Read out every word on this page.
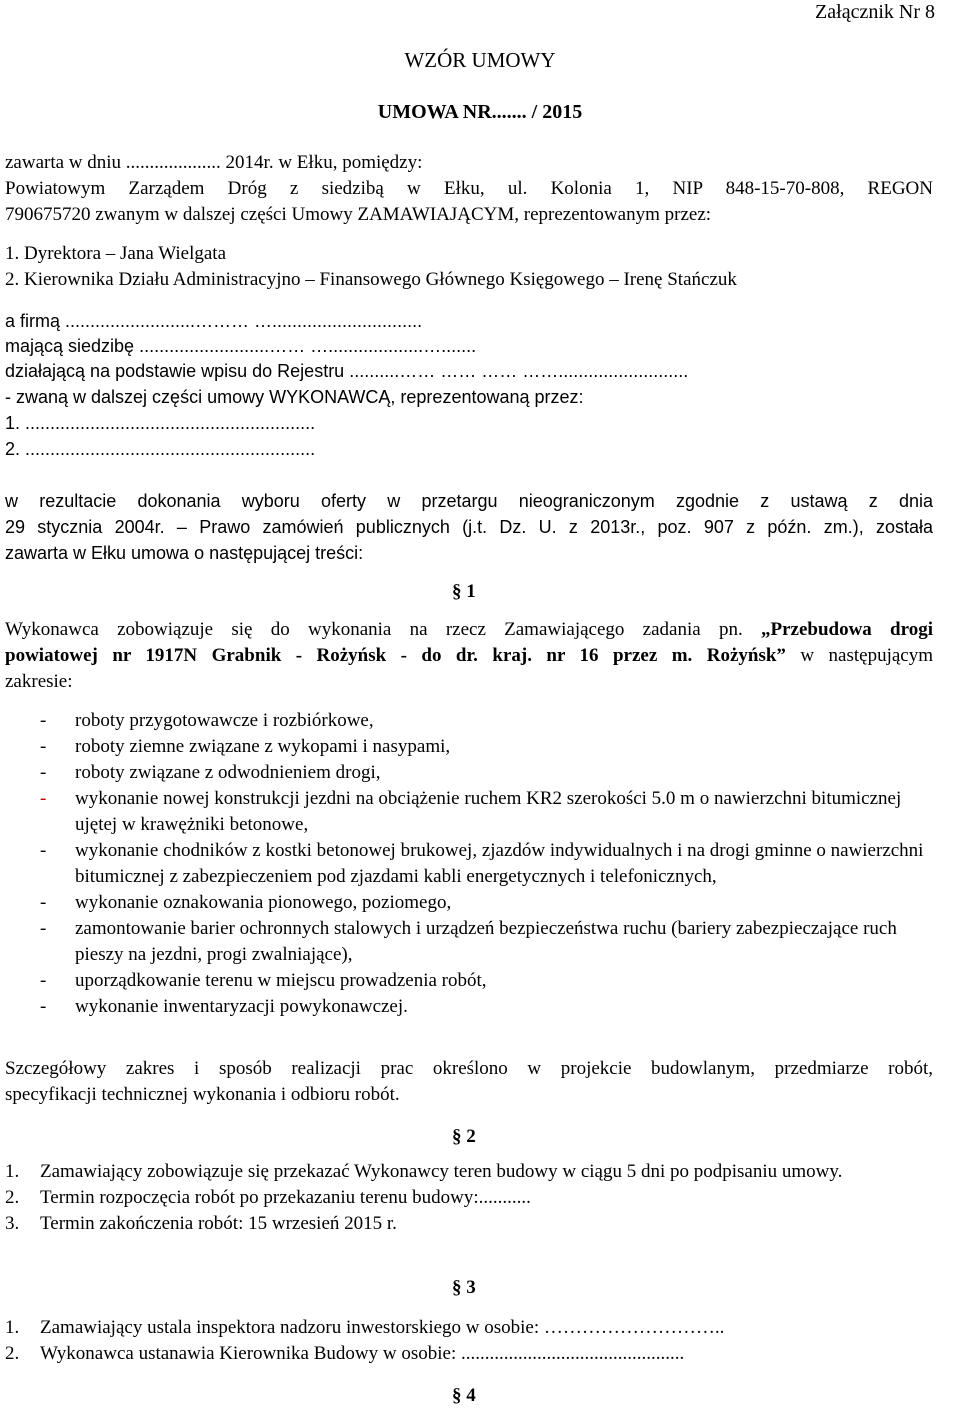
Załącznik Nr 8
WZÓR UMOWY
UMOWA NR....... / 2015
zawarta w dniu .................... 2014r. w Ełku, pomiędzy:
Powiatowym Zarządem Dróg z siedzibą w Ełku, ul. Kolonia 1, NIP 848-15-70-808, REGON
790675720 zwanym w dalszej części Umowy ZAMAWIAJĄCYM, reprezentowanym przez:
1. Dyrektora – Jana Wielgata
2. Kierownika Działu Administracyjno – Finansowego Głównego Księgowego – Irenę Stańczuk
a firmą ..........................……… …..............................
mającą siedzibę ..........................…… …...................….......
działającą na podstawie wpisu do Rejestru ..........…… …… …… ……..........................
- zwaną w dalszej części umowy WYKONAWCĄ, reprezentowaną przez:
1. ..........................................................
2. ..........................................................
w rezultacie dokonania wyboru oferty w przetargu nieograniczonym zgodnie z ustawą z dnia
29 stycznia 2004r. – Prawo zamówień publicznych (j.t. Dz. U. z 2013r., poz. 907 z późn. zm.), została
zawarta w Ełku umowa o następującej treści:
§ 1
Wykonawca zobowiązuje się do wykonania na rzecz Zamawiającego zadania pn. „Przebudowa drogi
powiatowej nr 1917N Grabnik - Rożyńsk - do dr. kraj. nr 16 przez m. Rożyńsk” w następującym
zakresie:
-	roboty przygotowawcze i rozbiórkowe,
-	roboty ziemne związane z wykopami i nasypami,
-	roboty związane z odwodnieniem drogi,
-	wykonanie nowej konstrukcji jezdni na obciążenie ruchem KR2 szerokości 5.0 m o nawierzchni bitumicznej ujętej w krawężniki betonowe,
-	wykonanie chodników z kostki betonowej brukowej, zjazdów indywidualnych i na drogi gminne o nawierzchni bitumicznej z zabezpieczeniem pod zjazdami kabli energetycznych i telefonicznych,
-	wykonanie oznakowania pionowego, poziomego,
-	zamontowanie barier ochronnych stalowych i urządzeń bezpieczeństwa ruchu (bariery zabezpieczające ruch pieszy na jezdni, progi zwalniające),
-	uporządkowanie terenu w miejscu prowadzenia robót,
-	wykonanie inwentaryzacji powykonawczej.
Szczegółowy zakres i sposób realizacji prac określono w projekcie budowlanym, przedmiarze robót,
specyfikacji technicznej wykonania i odbioru robót.
§ 2
1.	Zamawiający zobowiązuje się przekazać Wykonawcy teren budowy w ciągu 5 dni po podpisaniu umowy.
2.	Termin rozpoczęcia robót po przekazaniu terenu budowy:...........
3.	Termin zakończenia robót: 15 wrzesień 2015 r.
§ 3
1.	Zamawiający ustala inspektora nadzoru inwestorskiego w osobie: ………………………..
2.	Wykonawca ustanawia Kierownika Budowy w osobie: ...............................................
§ 4
